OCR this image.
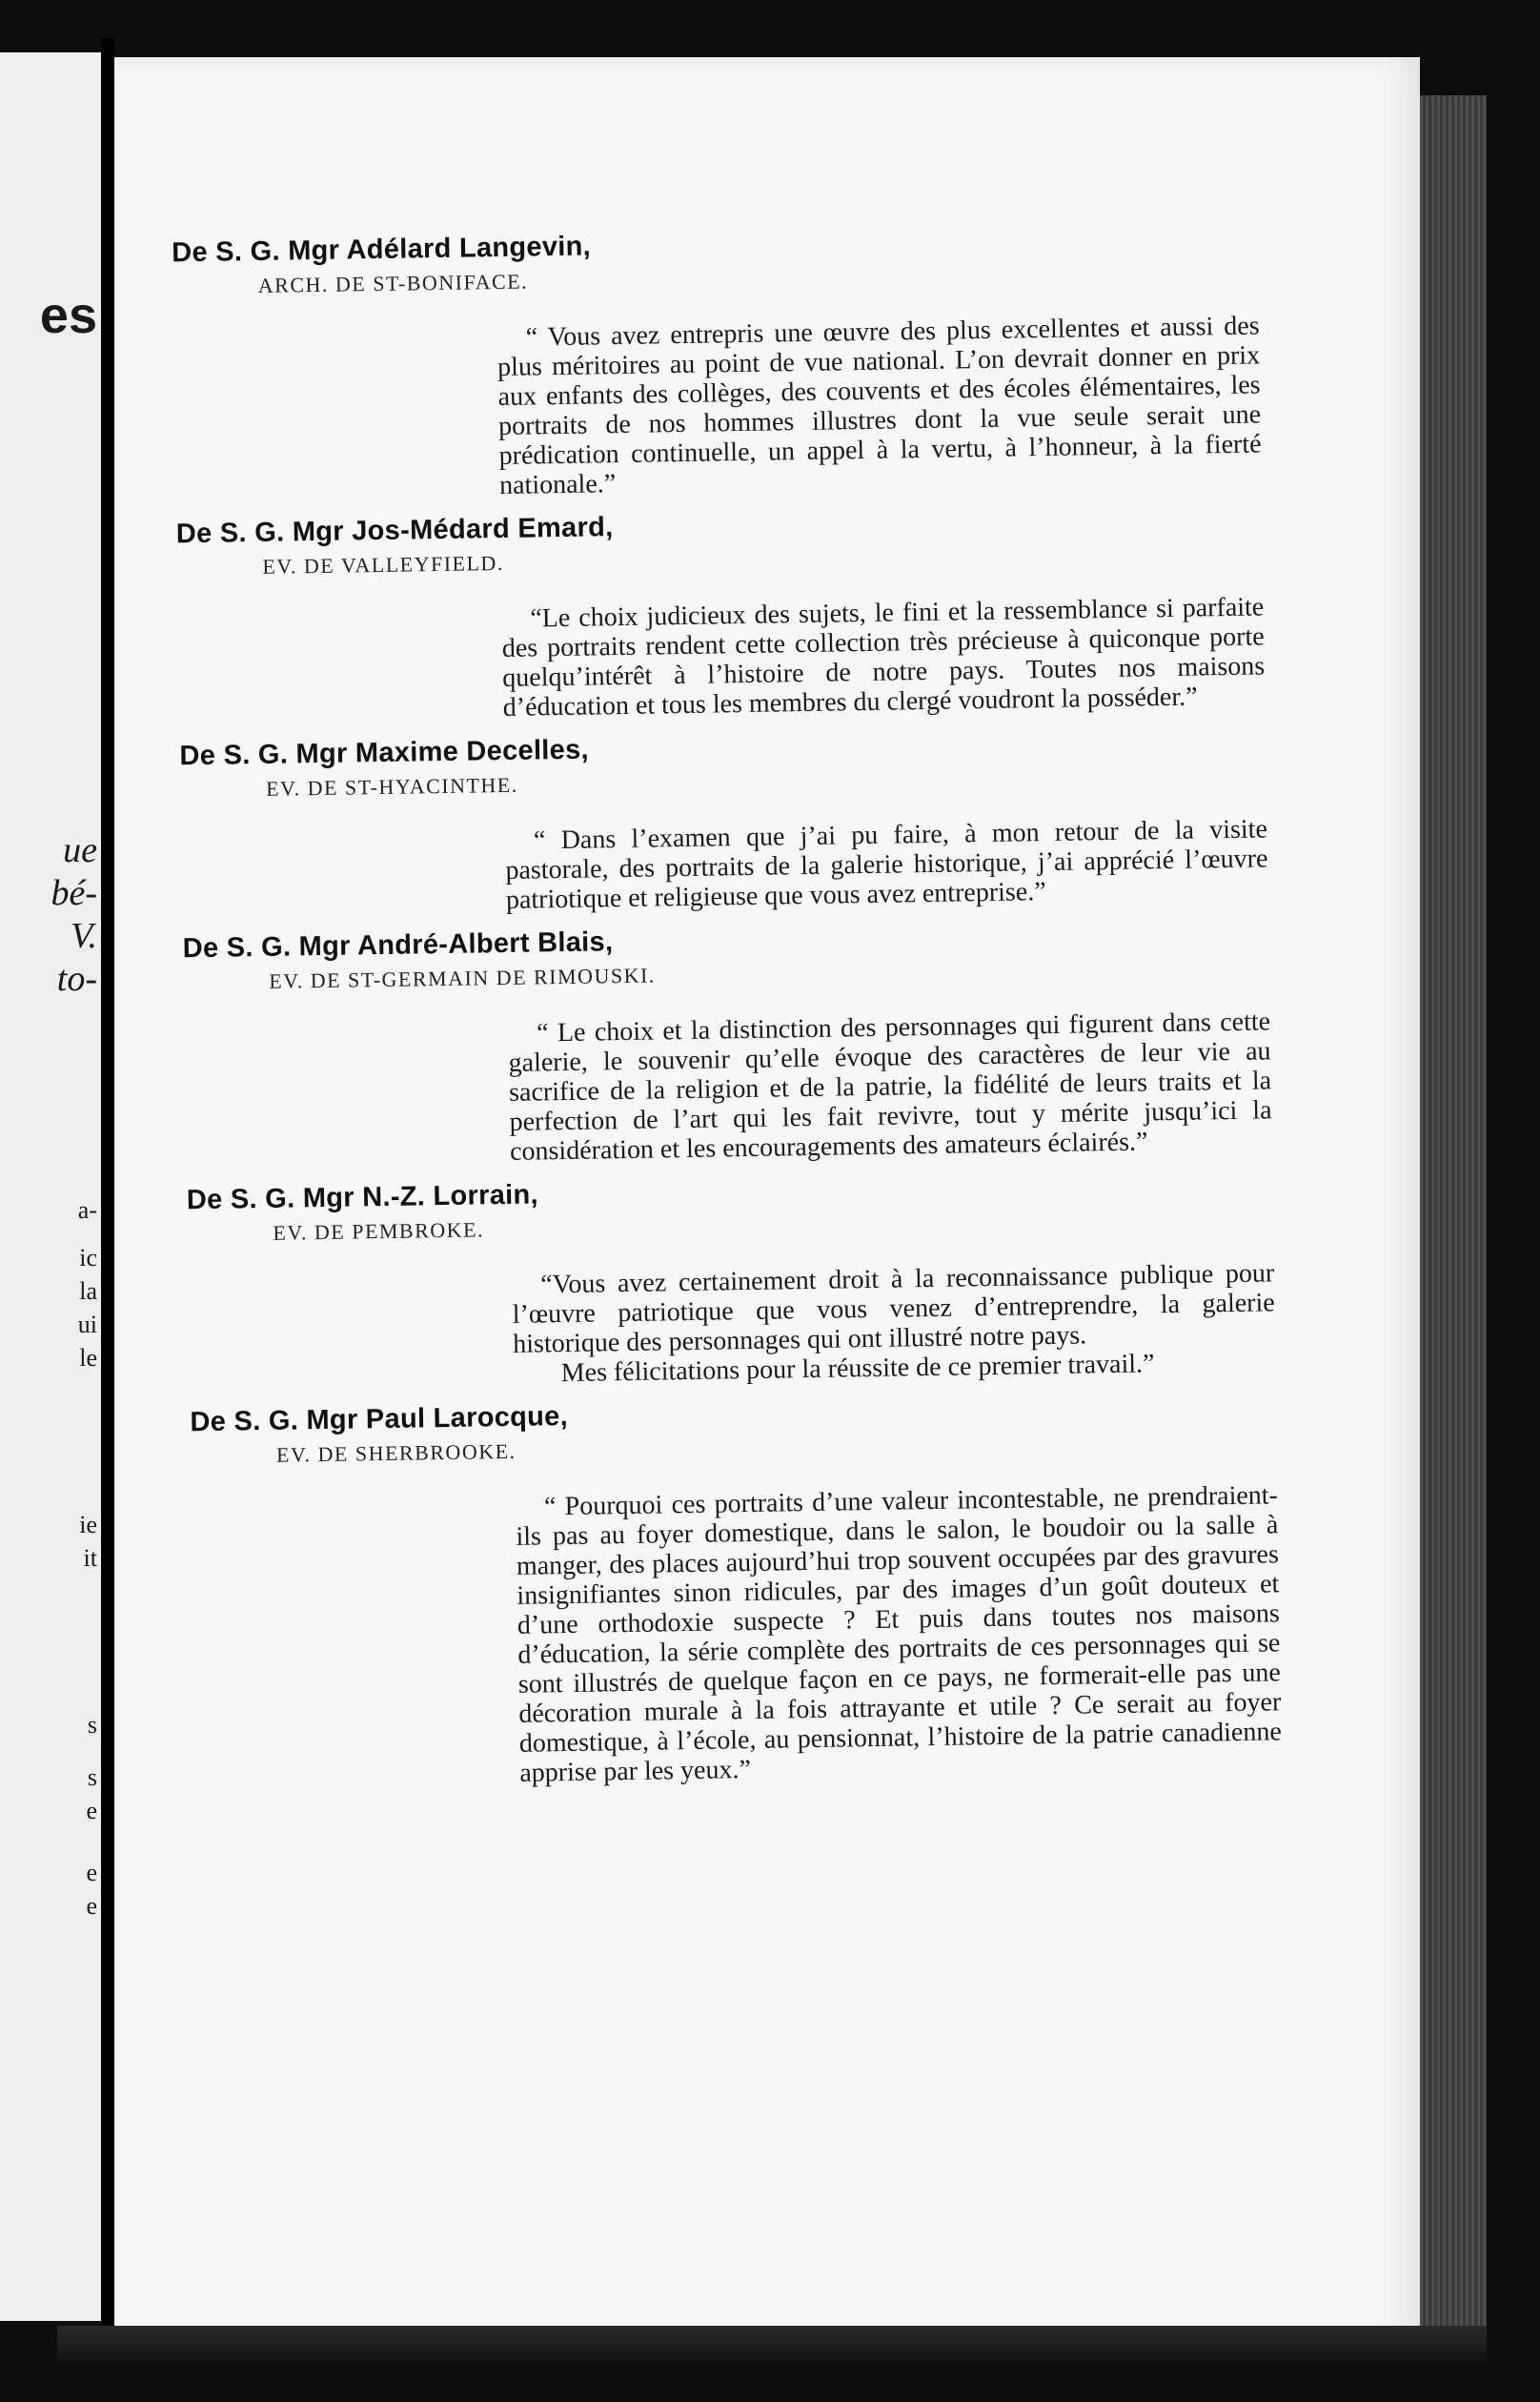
es
ue
bé-
V.
to-
a-
ic
la
ui
le
ie
it
s
s
e
e
e
De S. G. Mgr Adélard Langevin,
ARCH. DE ST-BONIFACE.

“ Vous avez entrepris une œuvre des plus excellentes et aussi des plus méritoires au point de vue national. L’on devrait donner en prix aux enfants des collèges, des couvents et des écoles élémentaires, les portraits de nos hommes illustres dont la vue seule serait une prédication continuelle, un appel à la vertu, à l’honneur, à la fierté nationale.”

De S. G. Mgr Jos-Médard Emard,
EV. DE VALLEYFIELD.

“Le choix judicieux des sujets, le fini et la ressemblance si parfaite des portraits rendent cette collection très précieuse à quiconque porte quelqu’intérêt à l’histoire de notre pays. Toutes nos maisons d’éducation et tous les membres du clergé voudront la posséder.”

De S. G. Mgr Maxime Decelles,
EV. DE ST-HYACINTHE.

“ Dans l’examen que j’ai pu faire, à mon retour de la visite pastorale, des portraits de la galerie historique, j’ai apprécié l’œuvre patriotique et religieuse que vous avez entreprise.”

De S. G. Mgr André-Albert Blais,
EV. DE ST-GERMAIN DE RIMOUSKI.

“ Le choix et la distinction des personnages qui figurent dans cette galerie, le souvenir qu’elle évoque des caractères de leur vie au sacrifice de la religion et de la patrie, la fidélité de leurs traits et la perfection de l’art qui les fait revivre, tout y mérite jusqu’ici la considération et les encouragements des amateurs éclairés.”

De S. G. Mgr N.-Z. Lorrain,
EV. DE PEMBROKE.

“Vous avez certainement droit à la reconnaissance publique pour l’œuvre patriotique que vous venez d’entreprendre, la galerie historique des personnages qui ont illustré notre pays.

Mes félicitations pour la réussite de ce premier travail.”

De S. G. Mgr Paul Larocque,
EV. DE SHERBROOKE.

“ Pourquoi ces portraits d’une valeur incontestable, ne prendraient-ils pas au foyer domestique, dans le salon, le boudoir ou la salle à manger, des places aujourd’hui trop souvent occupées par des gravures insignifiantes sinon ridicules, par des images d’un goût douteux et d’une orthodoxie suspecte ? Et puis dans toutes nos maisons d’éducation, la série complète des portraits de ces personnages qui se sont illustrés de quelque façon en ce pays, ne formerait-elle pas une décoration murale à la fois attrayante et utile ? Ce serait au foyer domestique, à l’école, au pensionnat, l’histoire de la patrie canadienne apprise par les yeux.”
